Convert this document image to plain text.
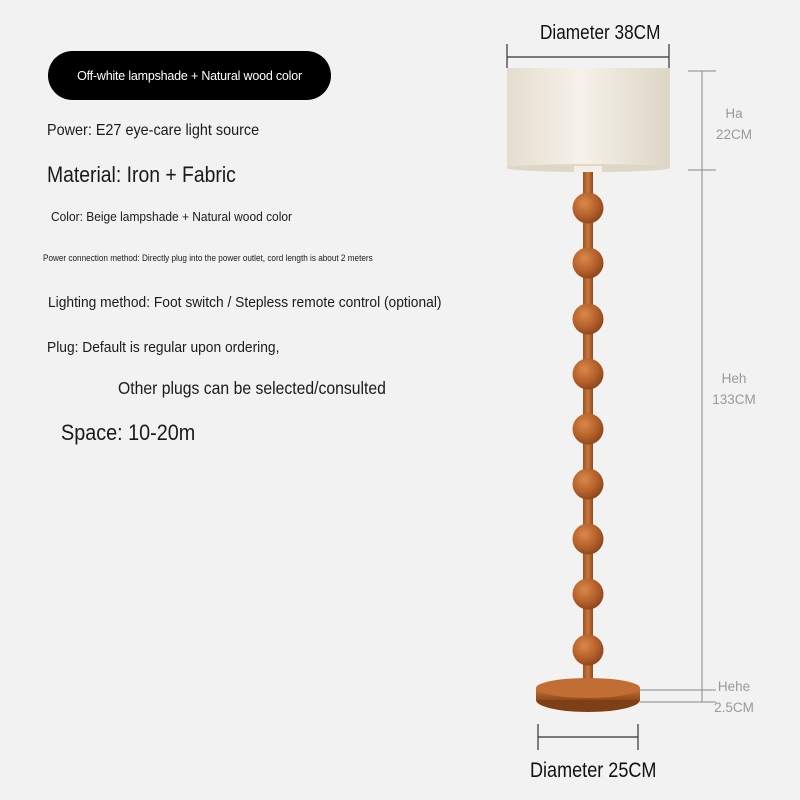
Off-white lampshade + Natural wood color
Power: E27 eye-care light source
Material: Iron + Fabric
Color: Beige lampshade + Natural wood color
Power connection method: Directly plug into the power outlet, cord length is about 2 meters
Lighting method: Foot switch / Stepless remote control (optional)
Plug: Default is regular upon ordering,
Other plugs can be selected/consulted
Space: 10-20m
Diameter 38CM
Diameter 25CM
Ha
22CM
Heh
133CM
Hehe
2.5CM
